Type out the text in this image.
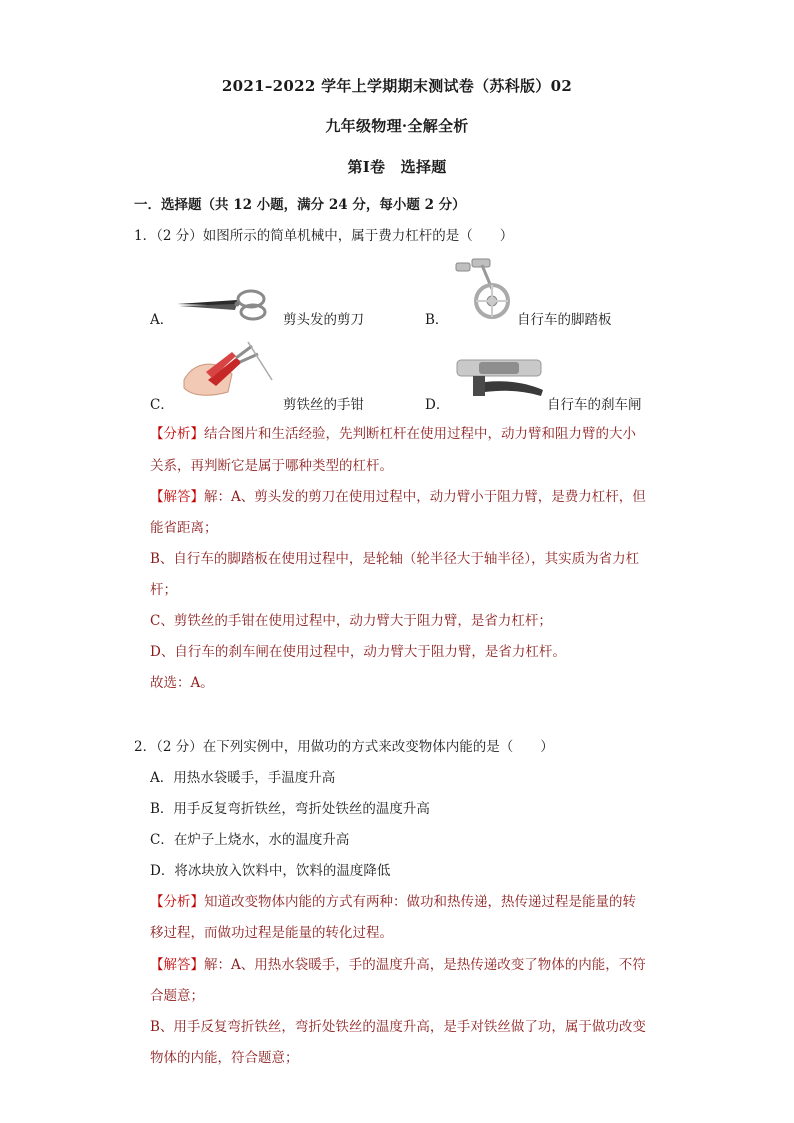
2021–2022 学年上学期期末测试卷（苏科版）02
九年级物理·全解全析
第Ⅰ卷　选择题
一．选择题（共 12 小题，满分 24 分，每小题 2 分）
1．（2 分）如图所示的简单机械中，属于费力杠杆的是（　　）
A．	剪头发的剪刀	B．	自行车的脚踏板
C．	剪铁丝的手钳	D．	自行车的刹车闸
【分析】结合图片和生活经验，先判断杠杆在使用过程中，动力臂和阻力臂的大小
关系，再判断它是属于哪种类型的杠杆。
【解答】解：A、剪头发的剪刀在使用过程中，动力臂小于阻力臂，是费力杠杆，但
能省距离；
B、自行车的脚踏板在使用过程中，是轮轴（轮半径大于轴半径），其实质为省力杠
杆；
C、剪铁丝的手钳在使用过程中，动力臂大于阻力臂，是省力杠杆；
D、自行车的刹车闸在使用过程中，动力臂大于阻力臂，是省力杠杆。
故选：A。
2．（2 分）在下列实例中，用做功的方式来改变物体内能的是（　　）
A．用热水袋暖手，手温度升高
B．用手反复弯折铁丝，弯折处铁丝的温度升高
C．在炉子上烧水，水的温度升高
D．将冰块放入饮料中，饮料的温度降低
【分析】知道改变物体内能的方式有两种：做功和热传递，热传递过程是能量的转
移过程，而做功过程是能量的转化过程。
【解答】解：A、用热水袋暖手，手的温度升高，是热传递改变了物体的内能，不符
合题意；
B、用手反复弯折铁丝，弯折处铁丝的温度升高，是手对铁丝做了功，属于做功改变
物体的内能，符合题意；
